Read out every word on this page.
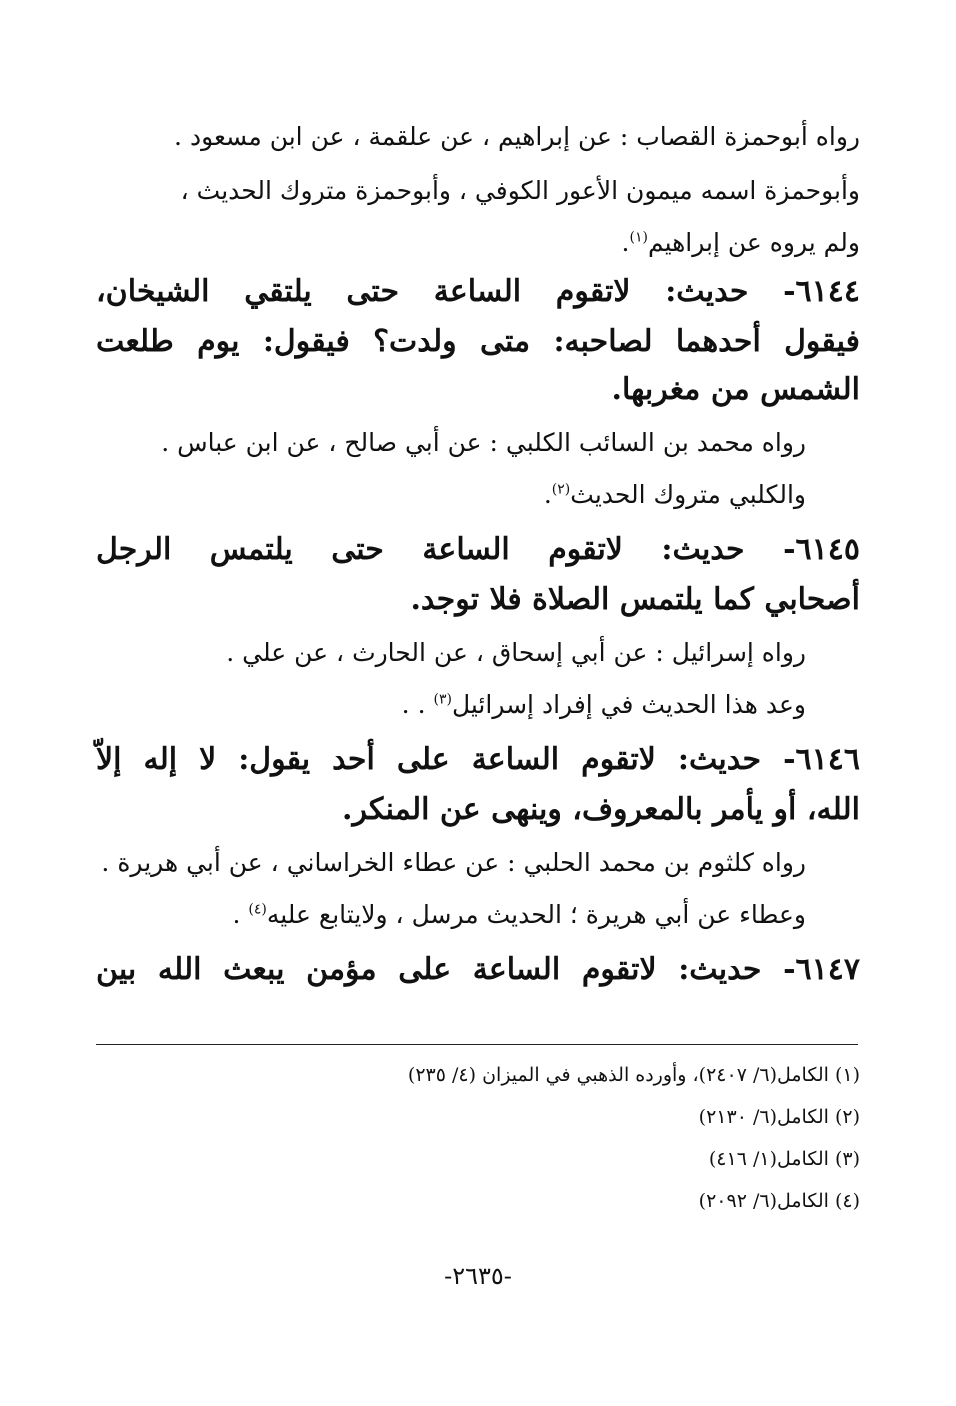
رواه أبوحمزة القصاب : عن إبراهيم ، عن علقمة ، عن ابن مسعود .
وأبوحمزة اسمه ميمون الأعور الكوفي ، وأبوحمزة متروك الحديث ،
ولم يروه عن إبراهيم$^{(١)}$.
٦١٤٤- حديث: لاتقوم الساعة حتى يلتقي الشيخان،
فيقول أحدهما لصاحبه: متى ولدت؟ فيقول: يوم طلعت
الشمس من مغربها.
رواه محمد بن السائب الكلبي : عن أبي صالح ، عن ابن عباس .
والكلبي متروك الحديث$^{(٢)}$.
٦١٤٥- حديث: لاتقوم الساعة حتى يلتمس الرجل
أصحابي كما يلتمس الصلاة فلا توجد.
رواه إسرائيل : عن أبي إسحاق ، عن الحارث ، عن علي .
وعد هذا الحديث في إفراد إسرائيل$^{(٣)}$ . .
٦١٤٦- حديث: لاتقوم الساعة على أحد يقول: لا إله إلاّ
الله، أو يأمر بالمعروف، وينهى عن المنكر.
رواه كلثوم بن محمد الحلبي : عن عطاء الخراساني ، عن أبي هريرة .
وعطاء عن أبي هريرة ؛ الحديث مرسل ، ولايتابع عليه$^{(٤)}$ .
٦١٤٧- حديث: لاتقوم الساعة على مؤمن يبعث الله بين
(١) الكامل(٦/ ٢٤٠٧)، وأورده الذهبي في الميزان (٤/ ٢٣٥)
(٢) الكامل(٦/ ٢١٣٠)
(٣) الكامل(١/ ٤١٦)
(٤) الكامل(٦/ ٢٠٩٢)
-٢٦٣٥-
